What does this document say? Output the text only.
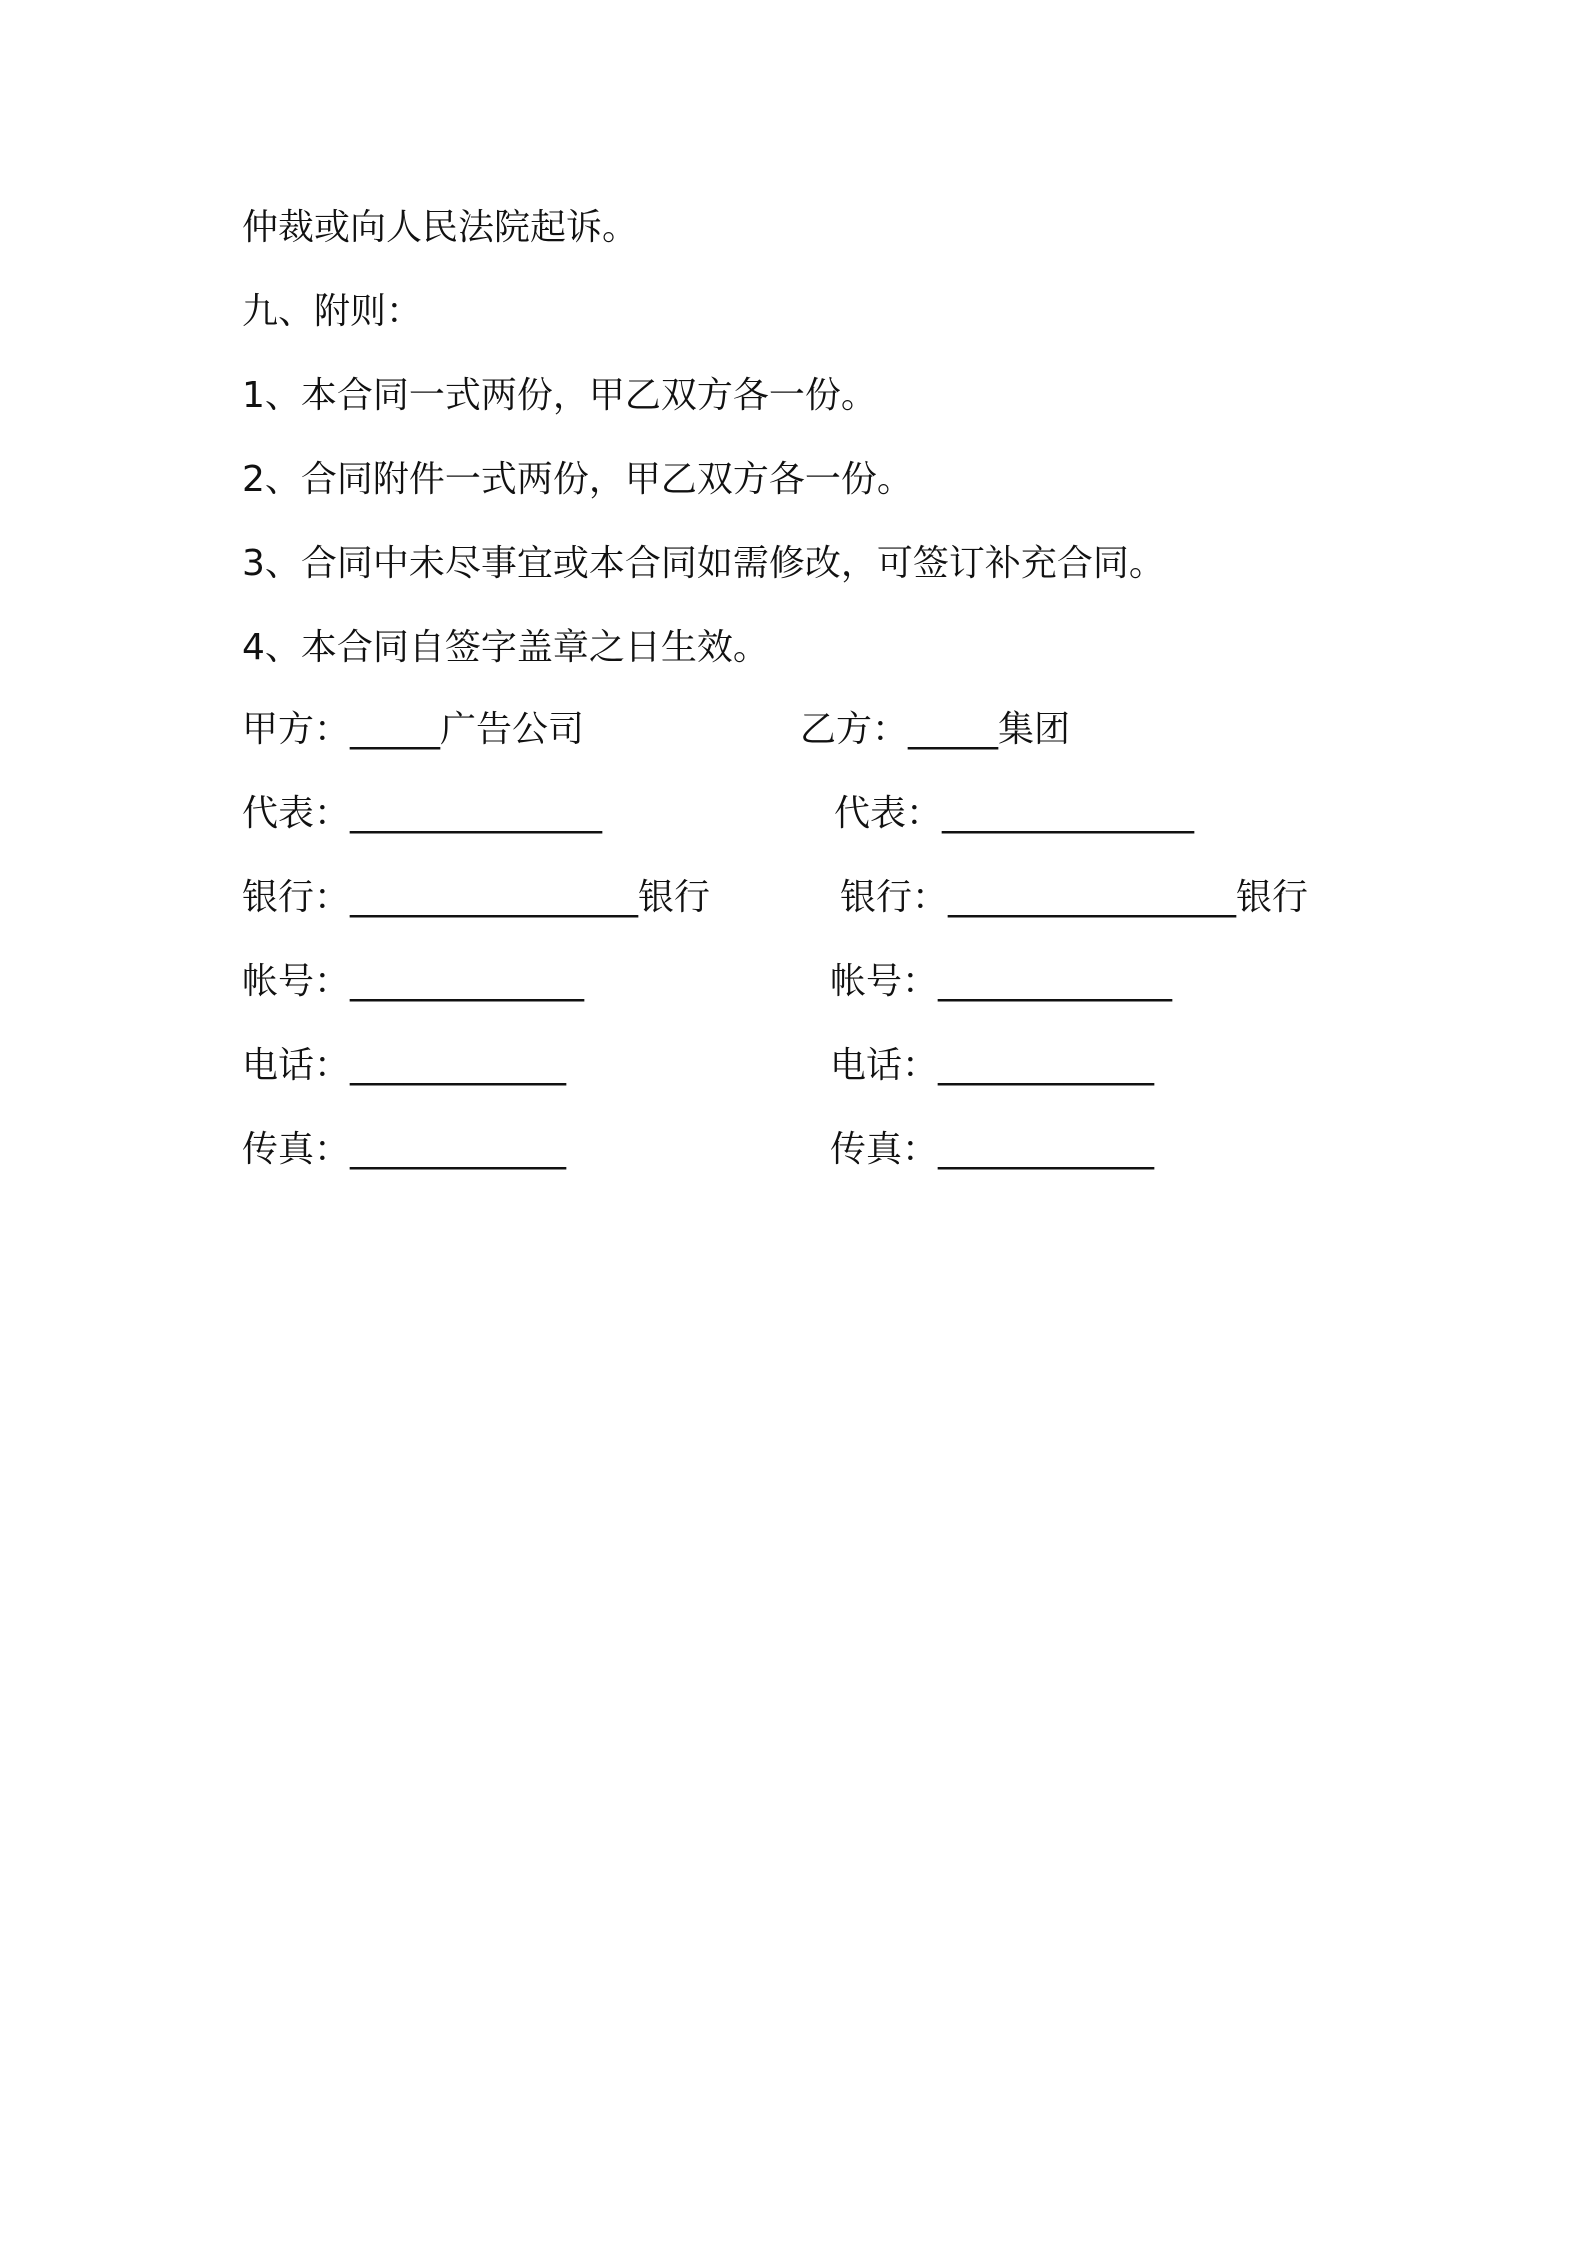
仲裁或向人民法院起诉。
九、附则：
1、本合同一式两份，甲乙双方各一份。
2、合同附件一式两份，甲乙双方各一份。
3、合同中未尽事宜或本合同如需修改，可签订补充合同。
4、本合同自签字盖章之日生效。
甲方：_____广告公司	乙方：_____集团
代表：______________	代表：______________
银行：________________银行	银行：________________银行
帐号：_____________	帐号：_____________
电话：____________	电话：____________
传真：____________	传真：____________
